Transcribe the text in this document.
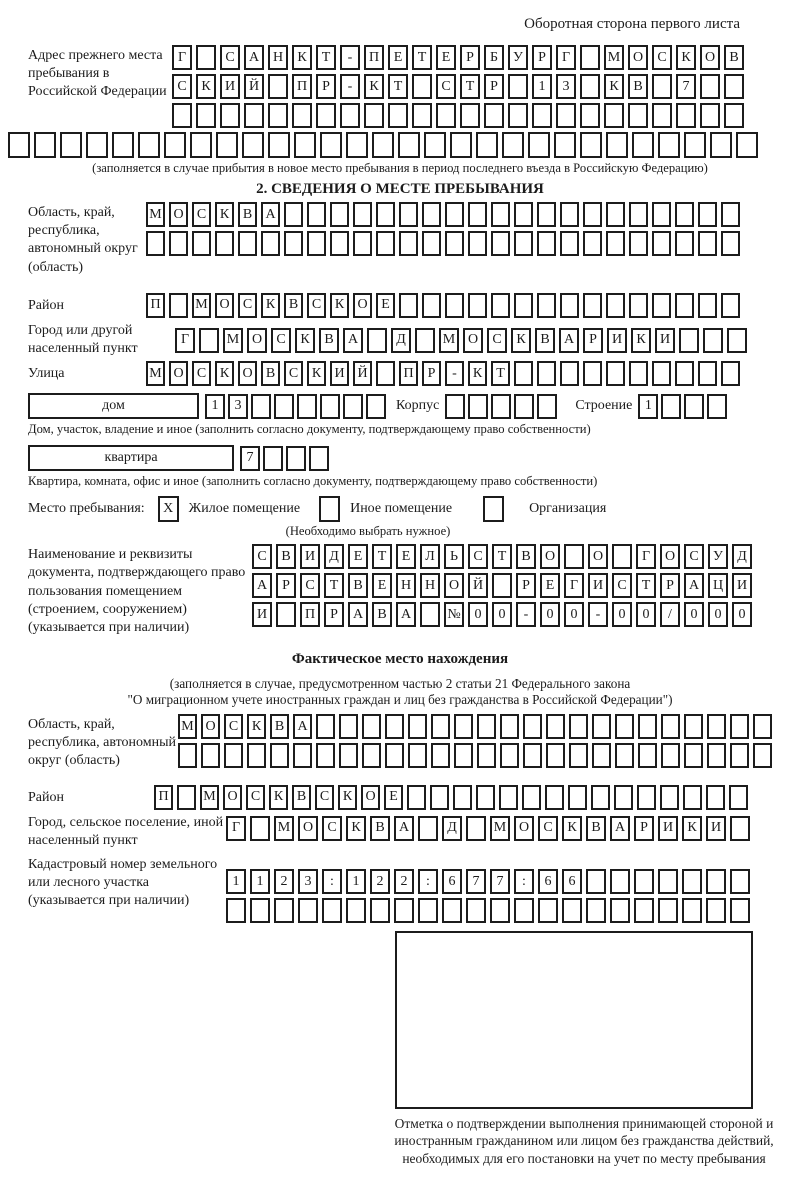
Оборотная сторона первого листа
Адрес прежнего места пребывания в Российской Федерации
Г	С	А Н	К	Т	-	П	Е	Т	Е	Р	Б	У	Р	Г	М О	С	К	О	В
С	К	И Й	П	Р	-	К	Т	С	Т	Р	1	3	К	В	7
(заполняется в случае прибытия в новое место пребывания в период последнего въезда в Российскую Федерацию)
2. СВЕДЕНИЯ О МЕСТЕ ПРЕБЫВАНИЯ
Область, край, республика, автономный округ (область)
М О С К В А
Район	П	М О С К В С К О Е
Город или другой населенный пункт
Г	М О	С	К	В	А	Д	М О	С	К	В	А	Р	И	К	И
Улица	М О С К О В С К И Й	П	Р	-	К	Т
дом	1	3	Корпус	Строение 1
Дом, участок, владение и иное (заполнить согласно документу, подтверждающему право собственности)
квартира	7
Квартира, комната, офис и иное (заполнить согласно документу, подтверждающему право собственности)
Место пребывания:	X	Жилое помещение	Иное помещение	Организация
(Необходимо выбрать нужное)
Наименование и реквизиты документа, подтверждающего право пользования помещением (строением, сооружением) (указывается при наличии)
С	В	И	Д	Е	Т	Е	Л	Ь	С	Т	В	О	О	Г	О	С	У	Д
А	Р	С	Т	В	Е	Н Н О Й	Р	Е	Г	И	С	Т	Р	А Ц И
И	П	Р	А	В	А	№ 0	0	-	0	0	-	0	0	/	0	0	0
Фактическое место нахождения
(заполняется в случае, предусмотренном частью 2 статьи 21 Федерального закона
"О миграционном учете иностранных граждан и лиц без гражданства в Российской Федерации")
Область, край, республика, автономный округ (область)
М О С К В А
Район	П	М О С К В С К О Е
Город, сельское поселение, иной населенный пункт
Г	М О	С	К	В	А	Д	М О	С	К	В	А	Р	И	К	И
Кадастровый номер земельного или лесного участка (указывается при наличии)
1	1	2	3	:	1	2	2	:	6	7	7	:	6	6
Отметка о подтверждении выполнения принимающей стороной и иностранным гражданином или лицом без гражданства действий, необходимых для его постановки на учет по месту пребывания
